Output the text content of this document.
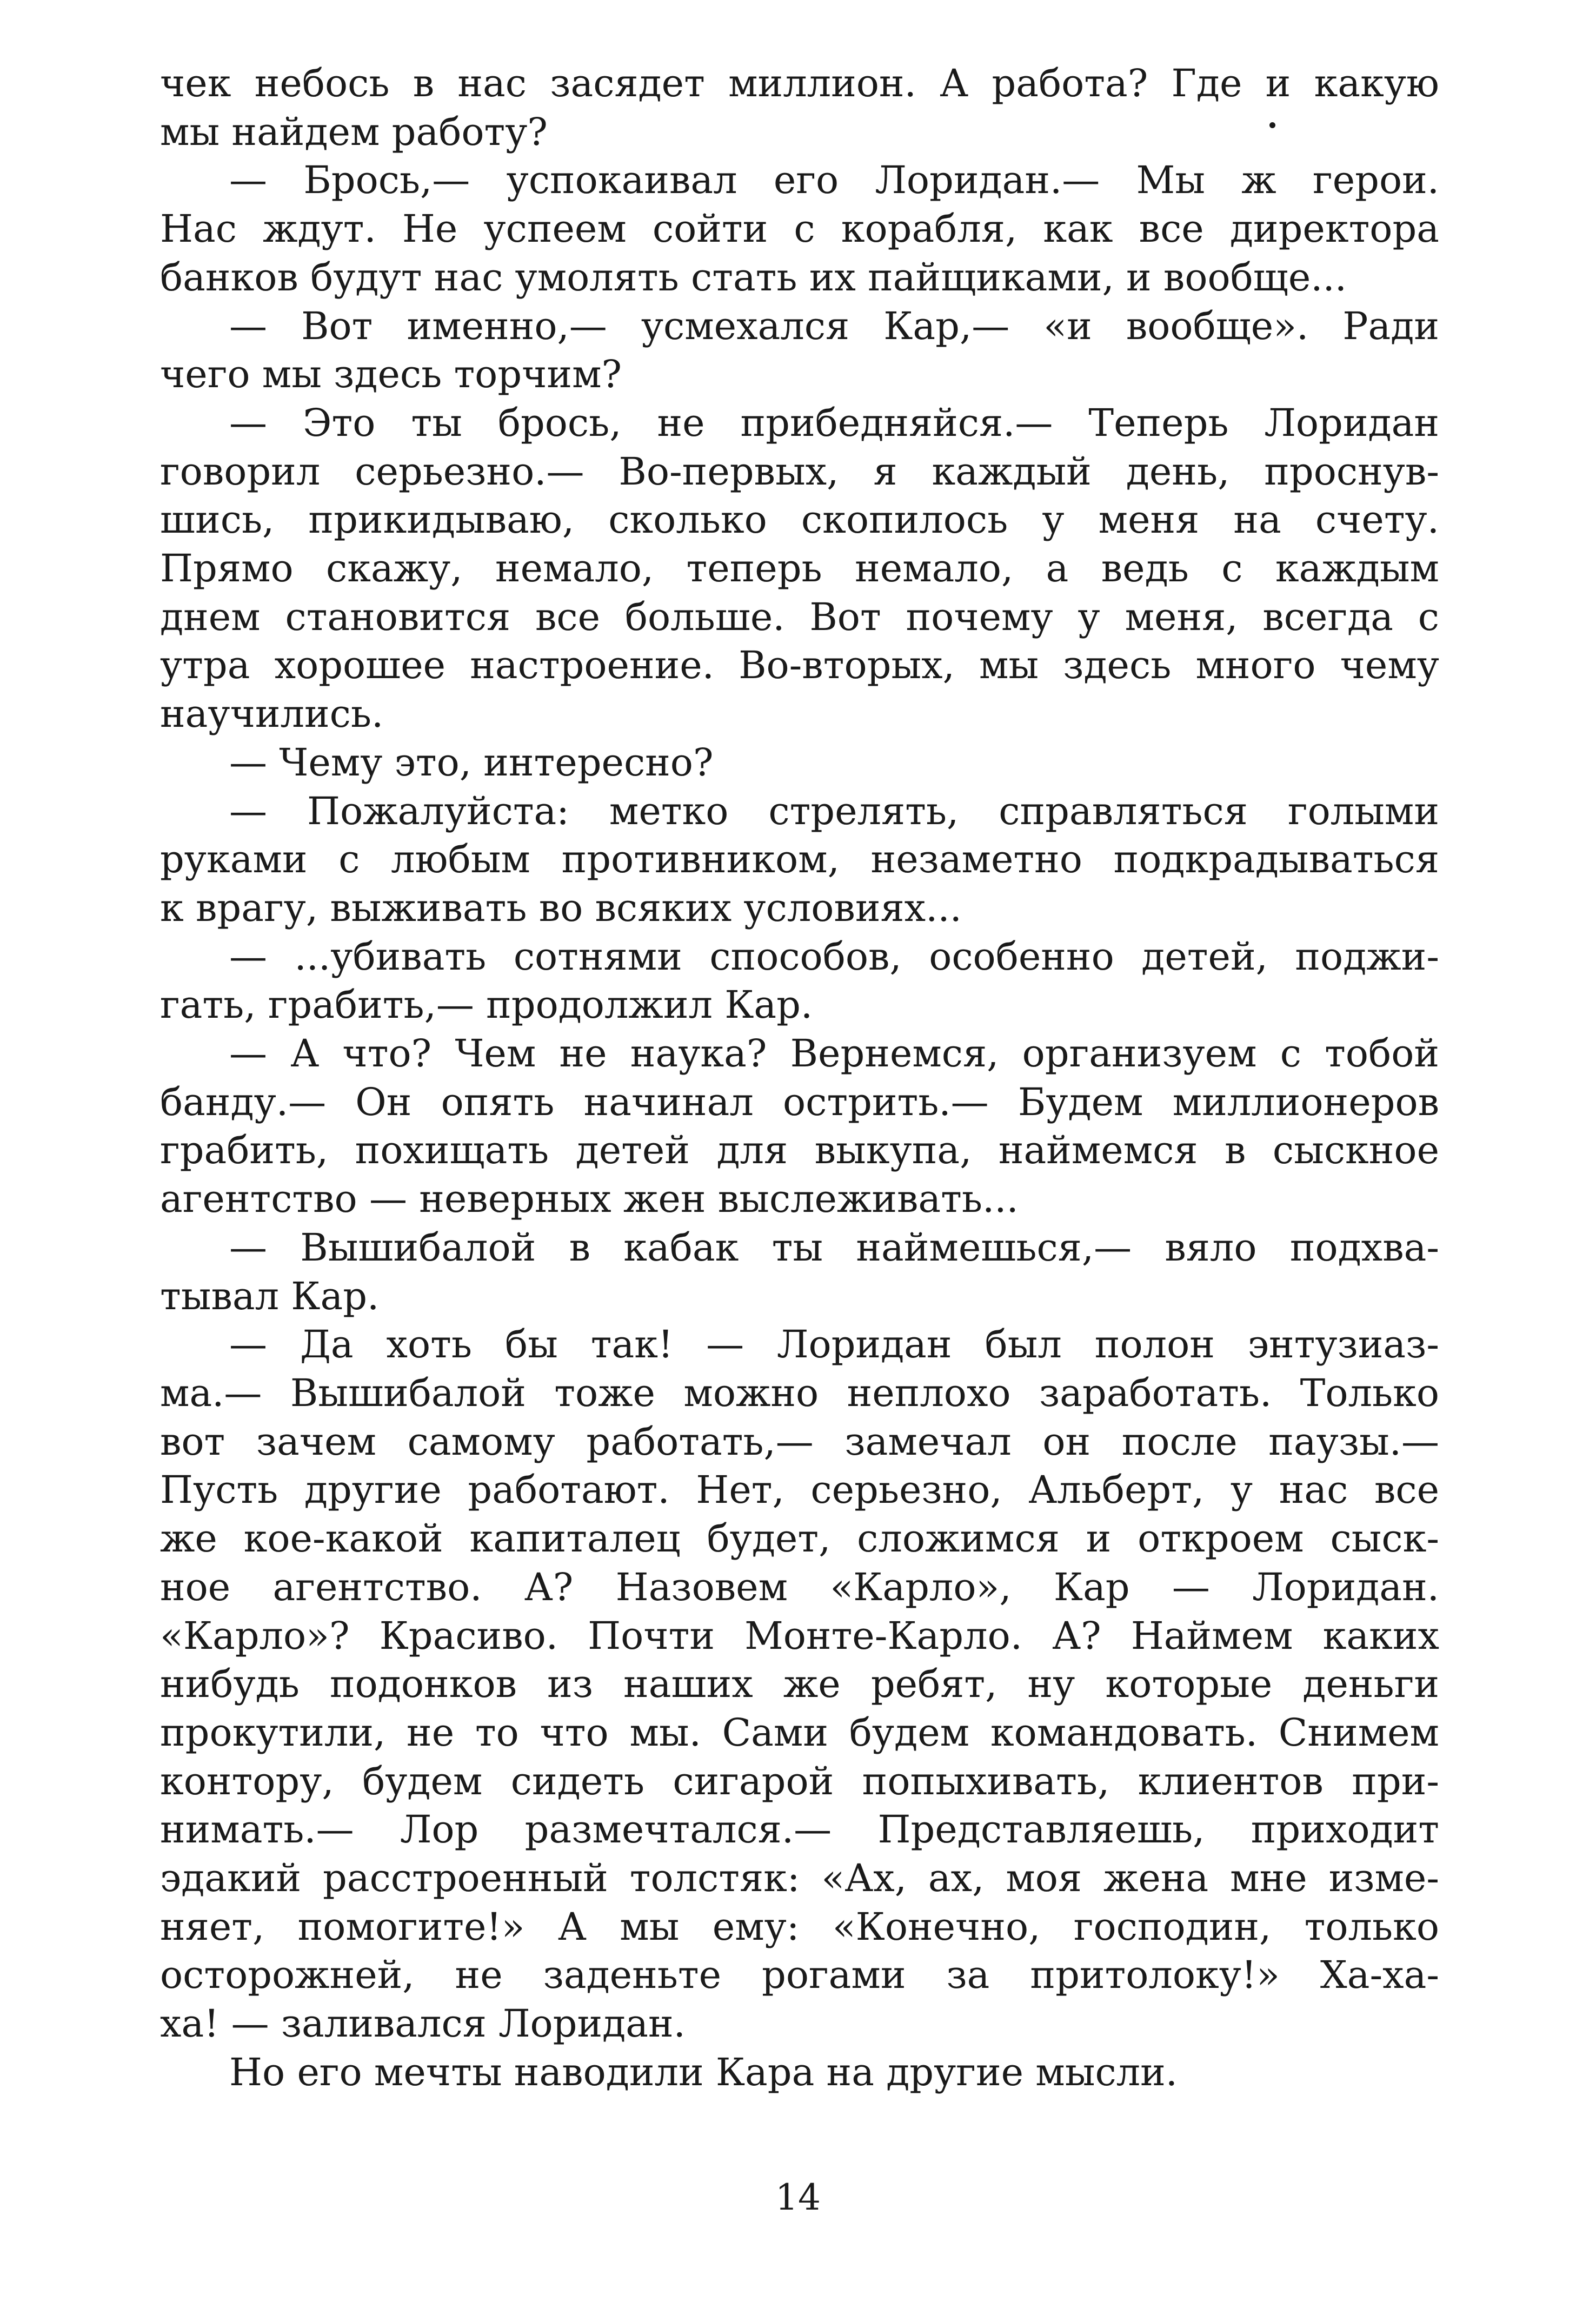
чек небось в нас засядет миллион. А работа? Где и какую
мы найдем работу?
— Брось,— успокаивал его Лоридан.— Мы ж герои.
Нас ждут. Не успеем сойти с корабля, как все директора
банков будут нас умолять стать их пайщиками, и вообще...
— Вот именно,— усмехался Кар,— «и вообще». Ради
чего мы здесь торчим?
— Это ты брось, не прибедняйся.— Теперь Лоридан
говорил серьезно.— Во-первых, я каждый день, проснув-
шись, прикидываю, сколько скопилось у меня на счету.
Прямо скажу, немало, теперь немало, а ведь с каждым
днем становится все больше. Вот почему у меня, всегда с
утра хорошее настроение. Во-вторых, мы здесь много чему
научились.
— Чему это, интересно?
— Пожалуйста: метко стрелять, справляться голыми
руками с любым противником, незаметно подкрадываться
к врагу, выживать во всяких условиях...
— ...убивать сотнями способов, особенно детей, поджи-
гать, грабить,— продолжил Кар.
— А что? Чем не наука? Вернемся, организуем с тобой
банду.— Он опять начинал острить.— Будем миллионеров
грабить, похищать детей для выкупа, наймемся в сыскное
агентство — неверных жен выслеживать...
— Вышибалой в кабак ты наймешься,— вяло подхва-
тывал Кар.
— Да хоть бы так! — Лоридан был полон энтузиаз-
ма.— Вышибалой тоже можно неплохо заработать. Только
вот зачем самому работать,— замечал он после паузы.—
Пусть другие работают. Нет, серьезно, Альберт, у нас все
же кое-какой капиталец будет, сложимся и откроем сыск-
ное агентство. А? Назовем «Карло», Кар — Лоридан.
«Карло»? Красиво. Почти Монте-Карло. А? Наймем каких
нибудь подонков из наших же ребят, ну которые деньги
прокутили, не то что мы. Сами будем командовать. Снимем
контору, будем сидеть сигарой попыхивать, клиентов при-
нимать.— Лор размечтался.— Представляешь, приходит
эдакий расстроенный толстяк: «Ах, ах, моя жена мне изме-
няет, помогите!» А мы ему: «Конечно, господин, только
осторожней, не заденьте рогами за притолоку!» Ха-ха-
ха! — заливался Лоридан.
Но его мечты наводили Кара на другие мысли.
14
